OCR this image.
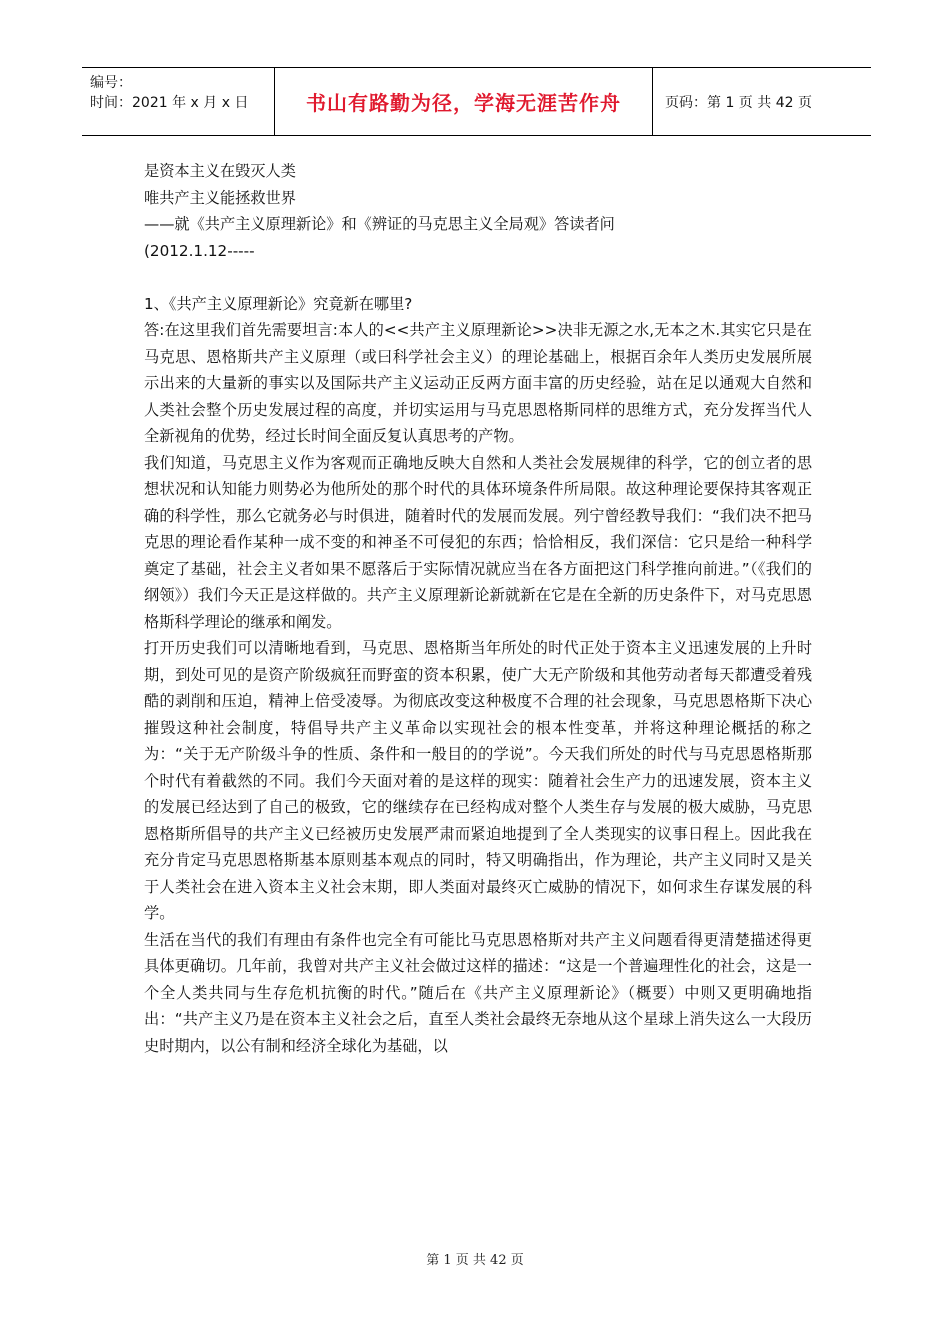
编号：
时间：2021 年 x 月 x 日	书山有路勤为径，学海无涯苦作舟	页码：第 1 页 共 42 页

是资本主义在毁灭人类

唯共产主义能拯救世界

——就《共产主义原理新论》和《辨证的马克思主义全局观》答读者问

(2012.1.12-----

1、《共产主义原理新论》究竟新在哪里?

答:在这里我们首先需要坦言:本人的<<共产主义原理新论>>决非无源之水,无本之木.其实它只是在马克思、恩格斯共产主义原理（或曰科学社会主义）的理论基础上，根据百余年人类历史发展所展示出来的大量新的事实以及国际共产主义运动正反两方面丰富的历史经验，站在足以通观大自然和人类社会整个历史发展过程的高度，并切实运用与马克思恩格斯同样的思维方式，充分发挥当代人全新视角的优势，经过长时间全面反复认真思考的产物。

我们知道，马克思主义作为客观而正确地反映大自然和人类社会发展规律的科学，它的创立者的思想状况和认知能力则势必为他所处的那个时代的具体环境条件所局限。故这种理论要保持其客观正确的科学性，那么它就务必与时俱进，随着时代的发展而发展。列宁曾经教导我们：“我们决不把马克思的理论看作某种一成不变的和神圣不可侵犯的东西；恰恰相反，我们深信：它只是给一种科学奠定了基础，社会主义者如果不愿落后于实际情况就应当在各方面把这门科学推向前进。”（《我们的纲领》）我们今天正是这样做的。共产主义原理新论新就新在它是在全新的历史条件下，对马克思恩格斯科学理论的继承和阐发。

打开历史我们可以清晰地看到，马克思、恩格斯当年所处的时代正处于资本主义迅速发展的上升时期，到处可见的是资产阶级疯狂而野蛮的资本积累，使广大无产阶级和其他劳动者每天都遭受着残酷的剥削和压迫，精神上倍受凌辱。为彻底改变这种极度不合理的社会现象，马克思恩格斯下决心摧毁这种社会制度，特倡导共产主义革命以实现社会的根本性变革，并将这种理论概括的称之为：“关于无产阶级斗争的性质、条件和一般目的的学说”。今天我们所处的时代与马克思恩格斯那个时代有着截然的不同。我们今天面对着的是这样的现实：随着社会生产力的迅速发展，资本主义的发展已经达到了自己的极致，它的继续存在已经构成对整个人类生存与发展的极大威胁，马克思恩格斯所倡导的共产主义已经被历史发展严肃而紧迫地提到了全人类现实的议事日程上。因此我在充分肯定马克思恩格斯基本原则基本观点的同时，特又明确指出，作为理论，共产主义同时又是关于人类社会在进入资本主义社会末期，即人类面对最终灭亡威胁的情况下，如何求生存谋发展的科学。

生活在当代的我们有理由有条件也完全有可能比马克思恩格斯对共产主义问题看得更清楚描述得更具体更确切。几年前，我曾对共产主义社会做过这样的描述：“这是一个普遍理性化的社会，这是一个全人类共同与生存危机抗衡的时代。”随后在《共产主义原理新论》（概要）中则又更明确地指出：“共产主义乃是在资本主义社会之后，直至人类社会最终无奈地从这个星球上消失这么一大段历史时期内，以公有制和经济全球化为基础，以

第 1 页 共 42 页
